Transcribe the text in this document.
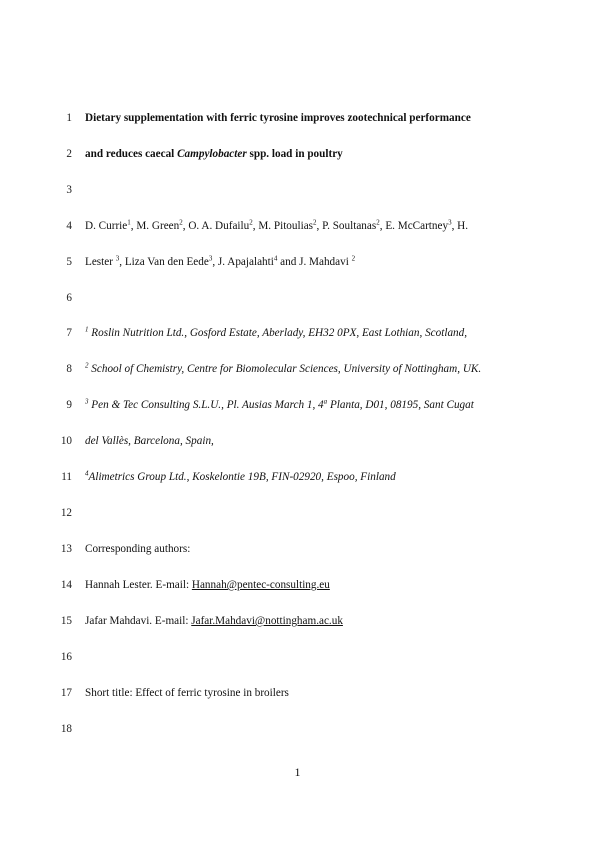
1
2
3
4
5
6
7
8
9
10
11
12
13
14
15
16
17
18
Dietary supplementation with ferric tyrosine improves zootechnical performance
and reduces caecal Campylobacter spp. load in poultry
D. Currie$^1$, M. Green$^2$, O. A. Dufailu$^2$, M. Pitoulias$^2$, P. Soultanas$^2$, E. McCartney$^3$, H.
Lester $^3$, Liza Van den Eede$^3$, J. Apajalahti$^4$ and J. Mahdavi $^2$
$^1$ Roslin Nutrition Ltd., Gosford Estate, Aberlady, EH32 0PX, East Lothian, Scotland,
$^2$ School of Chemistry, Centre for Biomolecular Sciences, University of Nottingham, UK.
$^3$ Pen & Tec Consulting S.L.U., Pl. Ausias March 1, 4$^a$ Planta, D01, 08195, Sant Cugat
del Vallès, Barcelona, Spain,
$^4$Alimetrics Group Ltd., Koskelontie 19B, FIN-02920, Espoo, Finland
Corresponding authors:
Hannah Lester. E-mail: Hannah@pentec-consulting.eu
Jafar Mahdavi. E-mail: Jafar.Mahdavi@nottingham.ac.uk
Short title: Effect of ferric tyrosine in broilers
1
